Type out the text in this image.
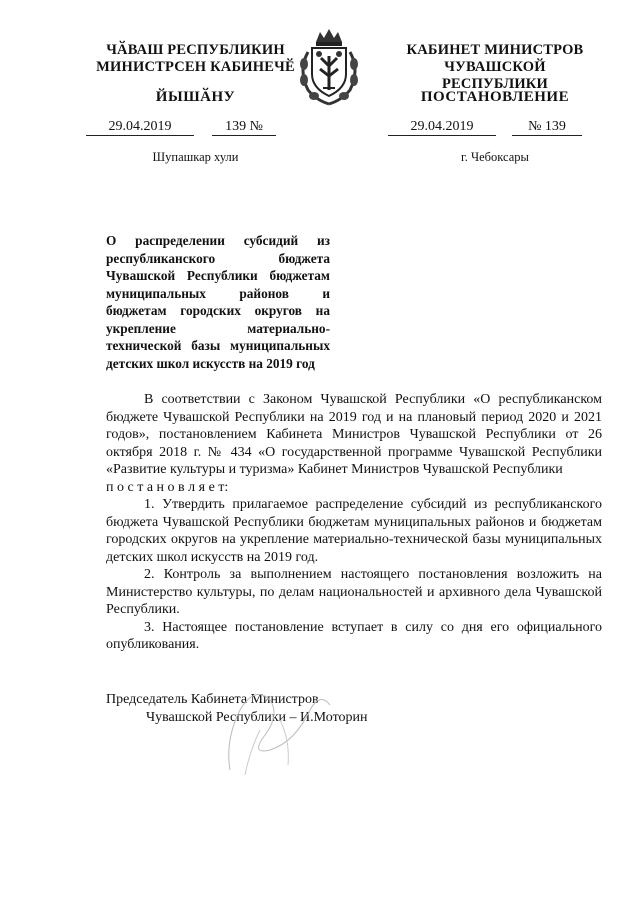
ЧӐВАШ РЕСПУБЛИКИН
МИНИСТРСЕН КАБИНЕЧӖ
ЙЫШӐНУ
КАБИНЕТ МИНИСТРОВ
ЧУВАШСКОЙ РЕСПУБЛИКИ
ПОСТАНОВЛЕНИЕ
29.04.2019	139 №
Шупашкар хули
29.04.2019	№ 139
г. Чебоксары
О распределении субсидий из республиканского бюджета Чувашской Республики бюджетам муниципальных районов и бюджетам городских округов на укрепление материально-технической базы муниципальных детских школ искусств на 2019 год

В соответствии с Законом Чувашской Республики «О республиканском бюджете Чувашской Республики на 2019 год и на плановый период 2020 и 2021 годов», постановлением Кабинета Министров Чувашской Республики от 26 октября 2018 г. № 434 «О государственной программе Чувашской Республики «Развитие культуры и туризма» Кабинет Министров Чувашской Республики

п о с т а н о в л я е т:

1. Утвердить прилагаемое распределение субсидий из республиканского бюджета Чувашской Республики бюджетам муниципальных районов и бюджетам городских округов на укрепление материально-технической базы муниципальных детских школ искусств на 2019 год.

2. Контроль за выполнением настоящего постановления возложить на Министерство культуры, по делам национальностей и архивного дела Чувашской Республики.

3. Настоящее постановление вступает в силу со дня его официального опубликования.

Председатель Кабинета Министров
Чувашской Республики – И.Моторин
